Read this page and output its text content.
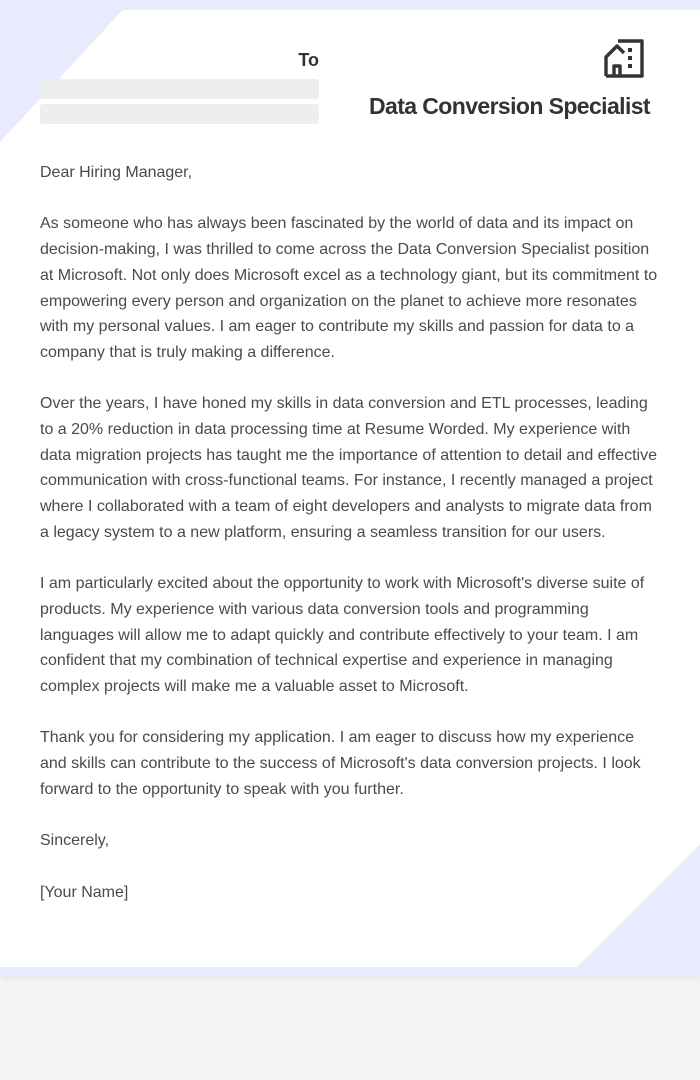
To
Data Conversion Specialist

Dear Hiring Manager,

As someone who has always been fascinated by the world of data and its impact on decision-making, I was thrilled to come across the Data Conversion Specialist position at Microsoft. Not only does Microsoft excel as a technology giant, but its commitment to empowering every person and organization on the planet to achieve more resonates with my personal values. I am eager to contribute my skills and passion for data to a company that is truly making a difference.

Over the years, I have honed my skills in data conversion and ETL processes, leading to a 20% reduction in data processing time at Resume Worded. My experience with data migration projects has taught me the importance of attention to detail and effective communication with cross-functional teams. For instance, I recently managed a project where I collaborated with a team of eight developers and analysts to migrate data from a legacy system to a new platform, ensuring a seamless transition for our users.

I am particularly excited about the opportunity to work with Microsoft's diverse suite of products. My experience with various data conversion tools and programming languages will allow me to adapt quickly and contribute effectively to your team. I am confident that my combination of technical expertise and experience in managing complex projects will make me a valuable asset to Microsoft.

Thank you for considering my application. I am eager to discuss how my experience and skills can contribute to the success of Microsoft's data conversion projects. I look forward to the opportunity to speak with you further.

Sincerely,

[Your Name]
